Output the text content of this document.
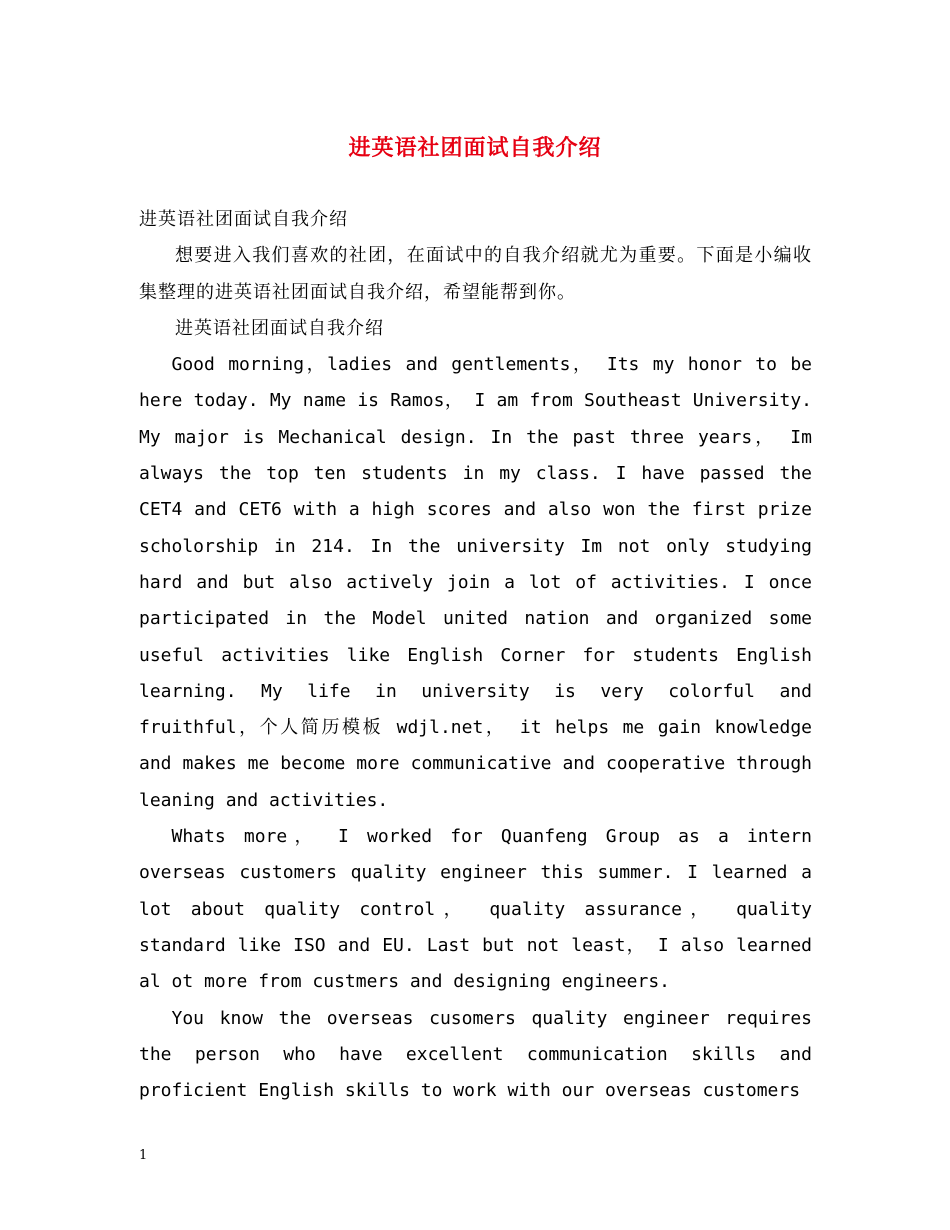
进英语社团面试自我介绍

进英语社团面试自我介绍

想要进入我们喜欢的社团，在面试中的自我介绍就尤为重要。下面是小编收集整理的进英语社团面试自我介绍，希望能帮到你。

进英语社团面试自我介绍

Good morning，ladies and gentlements， Its my honor to be here today. My name is Ramos， I am from Southeast University. My major is Mechanical design. In the past three years， Im always the top ten students in my class. I have passed the CET4 and CET6 with a high scores and also won the first prize scholorship in 214. In the university Im not only studying hard and but also actively join a lot of activities. I once participated in the Model united nation and organized some useful activities like English Corner for students English learning. My life in university is very colorful and fruithful，个人简历模板 wdjl.net， it helps me gain knowledge and makes me become more communicative and cooperative through leaning and activities.

Whats more， I worked for Quanfeng Group as a intern overseas customers quality engineer this summer. I learned a lot about quality control， quality assurance， quality standard like ISO and EU. Last but not least， I also learned al ot more from custmers and designing engineers.

You know the overseas cusomers quality engineer requires the person who have excellent communication skills and proficient English skills to work with our overseas customers

1
